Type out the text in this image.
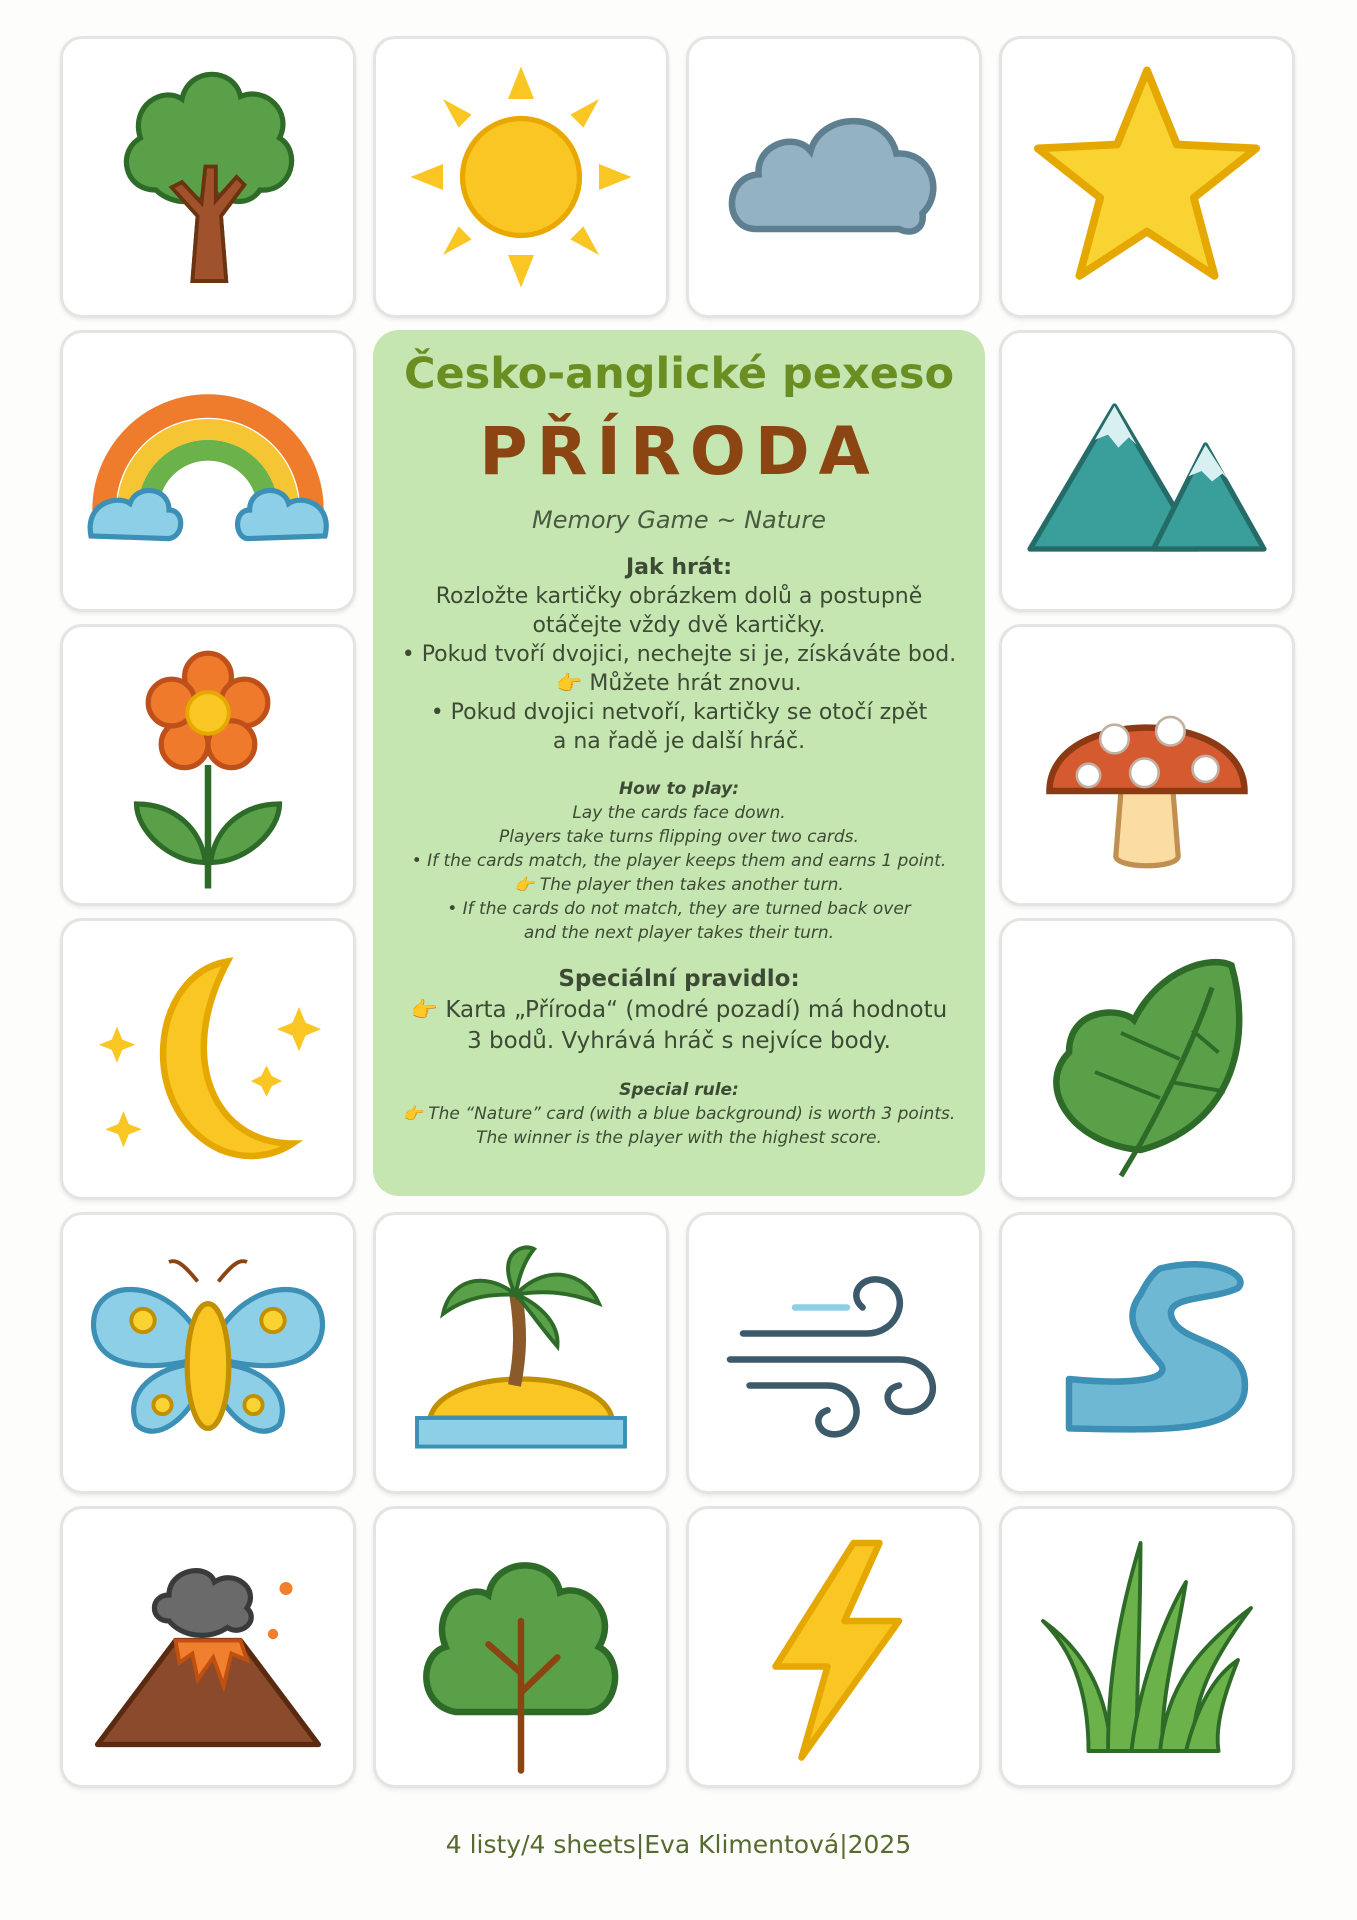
Česko-anglické pexeso

PŘÍRODA

Memory Game ~ Nature

Jak hrát:

Rozložte kartičky obrázkem dolů a postupně

otáčejte vždy dvě kartičky.

• Pokud tvoří dvojici, nechejte si je, získáváte bod.

👉 Můžete hrát znovu.

• Pokud dvojici netvoří, kartičky se otočí zpět

a na řadě je další hráč.

How to play:

Lay the cards face down.

Players take turns flipping over two cards.

• If the cards match, the player keeps them and earns 1 point.

👉 The player then takes another turn.

• If the cards do not match, they are turned back over

and the next player takes their turn.

Speciální pravidlo:

👉 Karta „Příroda“ (modré pozadí) má hodnotu

3 bodů. Vyhrává hráč s nejvíce body.

Special rule:

👉 The “Nature” card (with a blue background) is worth 3 points.

The winner is the player with the highest score.

4 listy/4 sheets|Eva Klimentová|2025
